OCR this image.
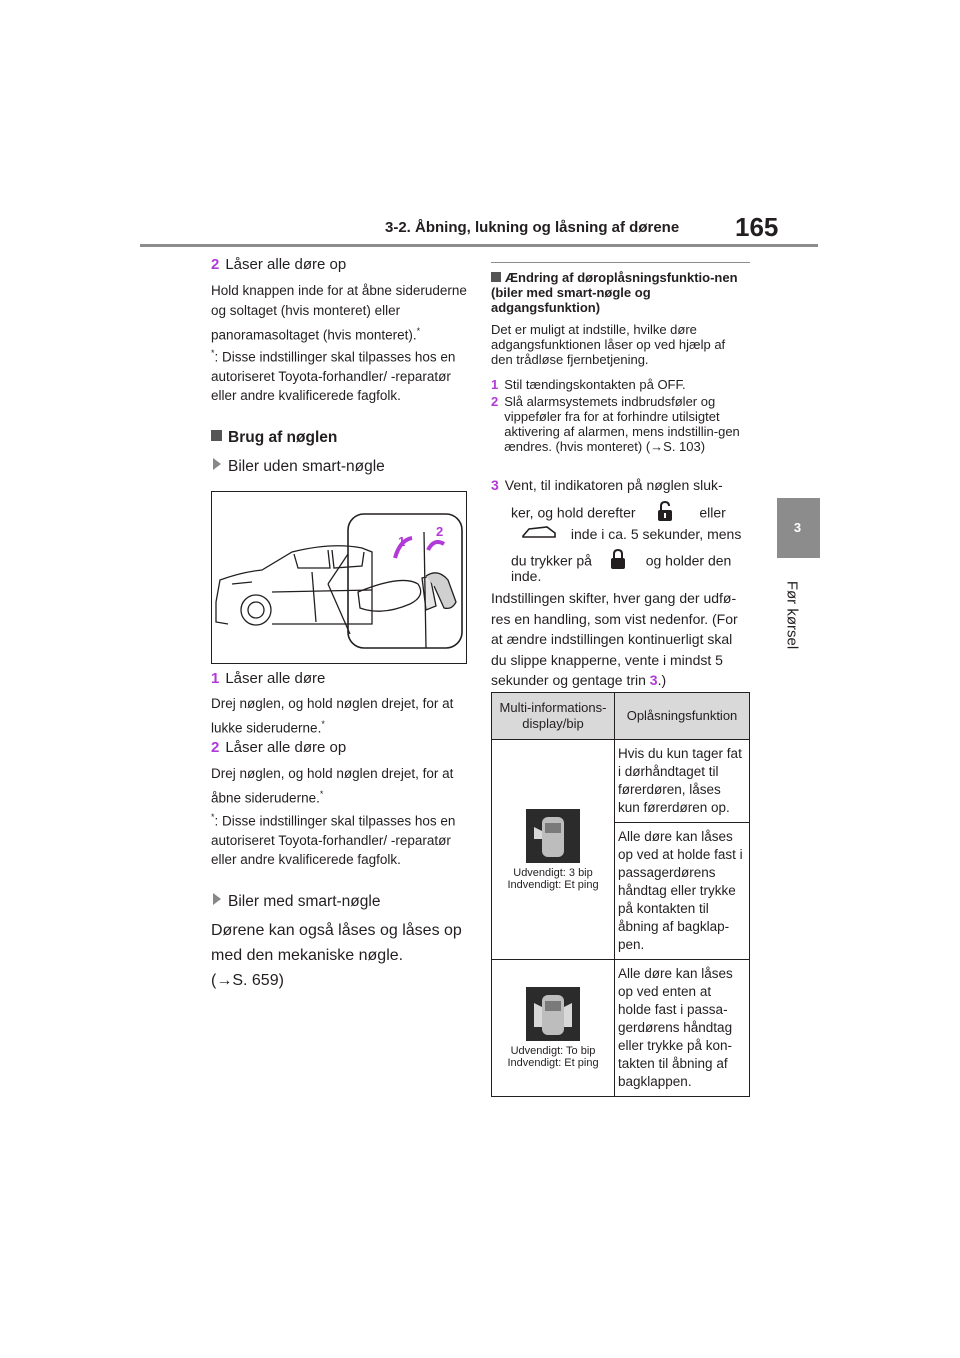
3-2. Åbning, lukning og låsning af dørene 165
3
Før kørsel
2 Låser alle døre op
Hold knappen inde for at åbne sideruderne og soltaget (hvis monteret) eller panoramasoltaget (hvis monteret).*
*: Disse indstillinger skal tilpasses hos en autoriseret Toyota-forhandler/ -reparatør eller andre kvalificerede fagfolk.
Brug af nøglen
Biler uden smart-nøgle
1
2
1 Låser alle døre
Drej nøglen, og hold nøglen drejet, for at lukke sideruderne.*
2 Låser alle døre op
Drej nøglen, og hold nøglen drejet, for at åbne sideruderne.*
*: Disse indstillinger skal tilpasses hos en autoriseret Toyota-forhandler/ -reparatør eller andre kvalificerede fagfolk.
Biler med smart-nøgle
Dørene kan også låses og låses op med den mekaniske nøgle.
(→S. 659)
Ændring af døroplåsningsfunktio-nen (biler med smart-nøgle og adgangsfunktion)
Det er muligt at indstille, hvilke døre adgangsfunktionen låser op ved hjælp af den trådløse fjernbetjening.
1 Stil tændingskontakten på OFF.
2 Slå alarmsystemets indbrudsføler og vippeføler fra for at forhindre utilsigtet aktivering af alarmen, mens indstillin-gen ændres. (hvis monteret) (→S. 103)
3 Vent, til indikatoren på nøglen sluk-
ker, og hold derefter	eller
inde i ca. 5 sekunder, mens
du trykker på	og holder den
inde.
Indstillingen skifter, hver gang der udfø-res en handling, som vist nedenfor. (For at ændre indstillingen kontinuerligt skal du slippe knapperne, vente i mindst 5 sekunder og gentage trin 3.)
Multi-informations-display/bip	Oplåsningsfunktion

Udvendigt: 3 bip Indvendigt: Et ping	Hvis du kun tager fat i dørhåndtaget til førerdøren, låses kun førerdøren op.
	Alle døre kan låses op ved at holde fast i passagerdørens håndtag eller trykke på kontakten til åbning af bagklap-pen.

Udvendigt: To bip Indvendigt: Et ping	Alle døre kan låses op ved enten at holde fast i passa-gerdørens håndtag eller trykke på kon-takten til åbning af bagklappen.
